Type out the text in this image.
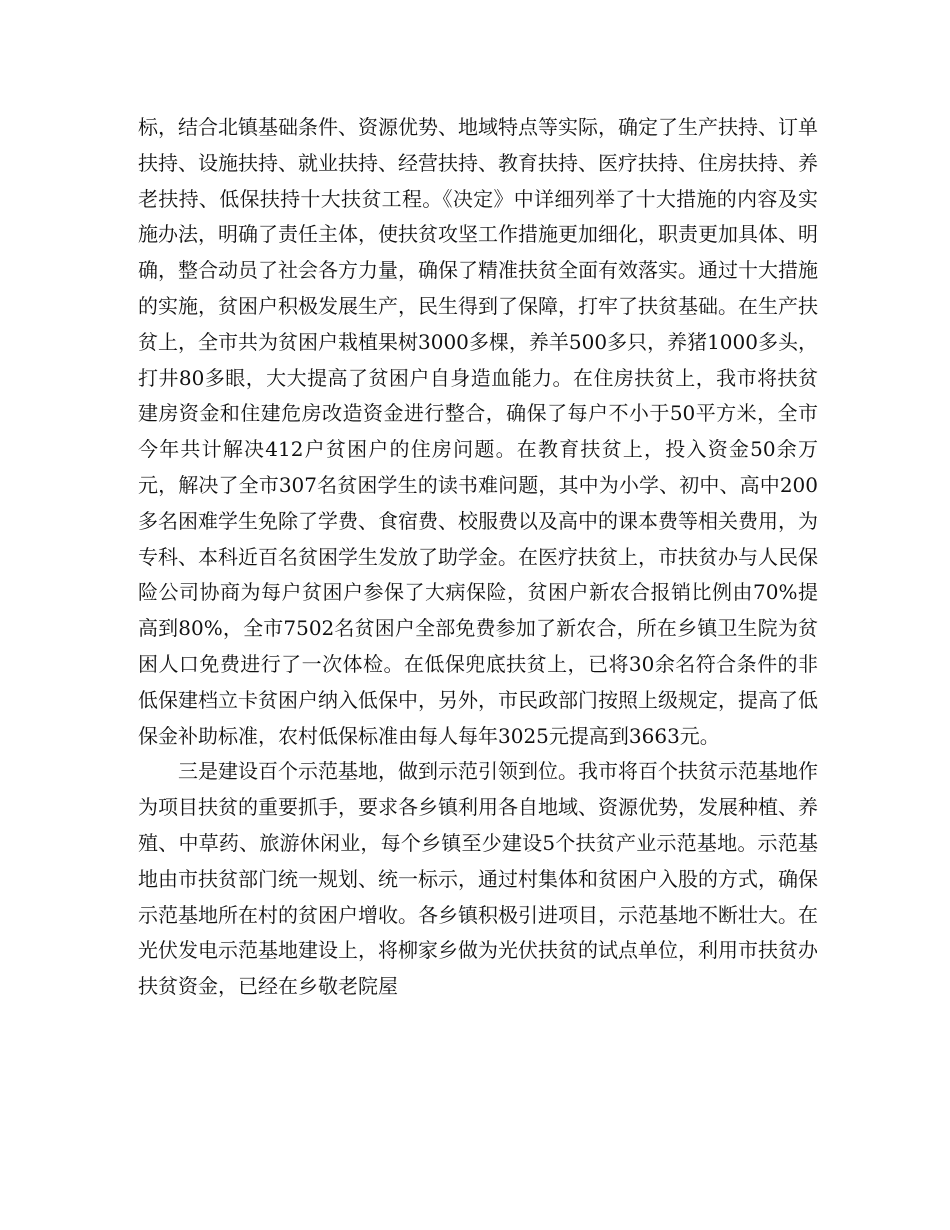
标，结合北镇基础条件、资源优势、地域特点等实际，确定了生产扶持、订单扶持、设施扶持、就业扶持、经营扶持、教育扶持、医疗扶持、住房扶持、养老扶持、低保扶持十大扶贫工程。《决定》中详细列举了十大措施的内容及实施办法，明确了责任主体，使扶贫攻坚工作措施更加细化，职责更加具体、明确，整合动员了社会各方力量，确保了精准扶贫全面有效落实。通过十大措施的实施，贫困户积极发展生产，民生得到了保障，打牢了扶贫基础。在生产扶贫上，全市共为贫困户栽植果树3000多棵，养羊500多只，养猪1000多头，打井80多眼，大大提高了贫困户自身造血能力。在住房扶贫上，我市将扶贫建房资金和住建危房改造资金进行整合，确保了每户不小于50平方米，全市今年共计解决412户贫困户的住房问题。在教育扶贫上，投入资金50余万元，解决了全市307名贫困学生的读书难问题，其中为小学、初中、高中200多名困难学生免除了学费、食宿费、校服费以及高中的课本费等相关费用，为专科、本科近百名贫困学生发放了助学金。在医疗扶贫上，市扶贫办与人民保险公司协商为每户贫困户参保了大病保险，贫困户新农合报销比例由70%提高到80%，全市7502名贫困户全部免费参加了新农合，所在乡镇卫生院为贫困人口免费进行了一次体检。在低保兜底扶贫上，已将30余名符合条件的非低保建档立卡贫困户纳入低保中，另外，市民政部门按照上级规定，提高了低保金补助标准，农村低保标准由每人每年3025元提高到3663元。

三是建设百个示范基地，做到示范引领到位。我市将百个扶贫示范基地作为项目扶贫的重要抓手，要求各乡镇利用各自地域、资源优势，发展种植、养殖、中草药、旅游休闲业，每个乡镇至少建设5个扶贫产业示范基地。示范基地由市扶贫部门统一规划、统一标示，通过村集体和贫困户入股的方式，确保示范基地所在村的贫困户增收。各乡镇积极引进项目，示范基地不断壮大。在光伏发电示范基地建设上，将柳家乡做为光伏扶贫的试点单位，利用市扶贫办扶贫资金，已经在乡敬老院屋
